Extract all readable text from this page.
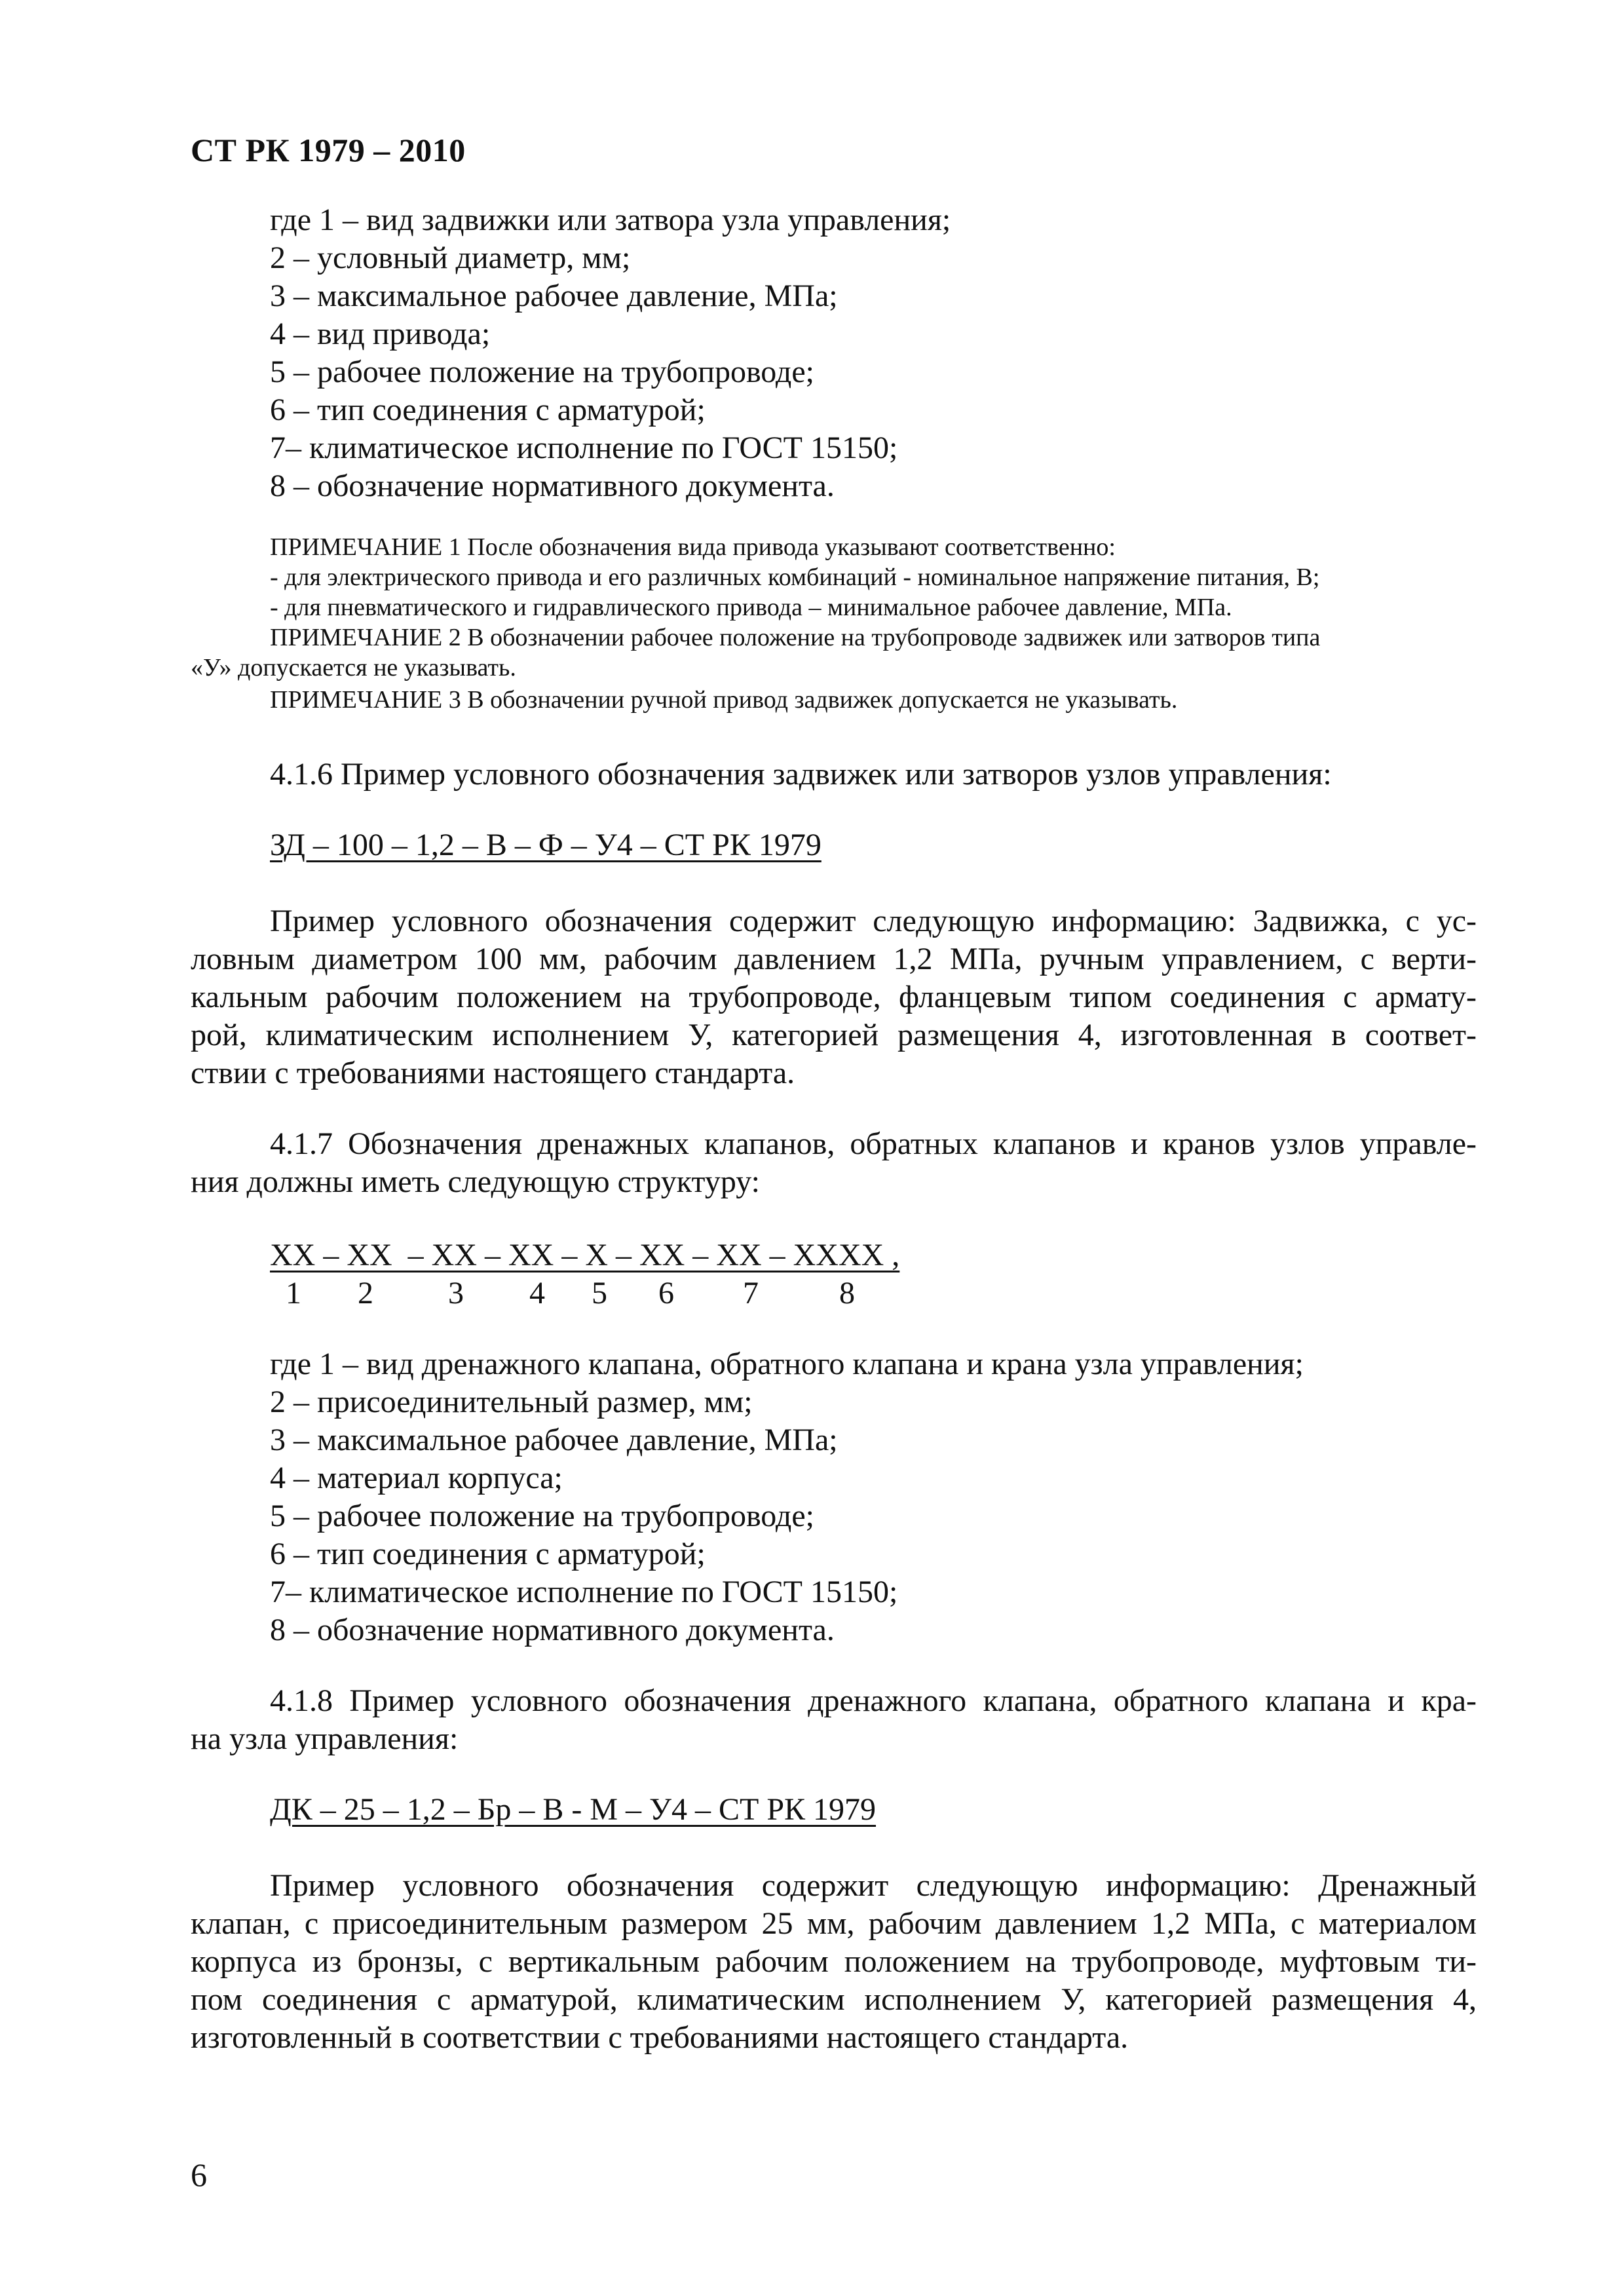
СТ РК 1979 – 2010
где 1 – вид задвижки или затвора узла управления;
2 – условный диаметр, мм;
3 – максимальное рабочее давление, МПа;
4 – вид привода;
5 – рабочее положение на трубопроводе;
6 – тип соединения с арматурой;
7– климатическое исполнение по ГОСТ 15150;
8 – обозначение нормативного документа.
ПРИМЕЧАНИЕ 1 После обозначения вида привода указывают соответственно:
- для электрического привода и его различных комбинаций - номинальное напряжение питания, В;
- для пневматического и гидравлического привода – минимальное рабочее давление, МПа.
ПРИМЕЧАНИЕ 2 В обозначении рабочее положение на трубопроводе задвижек или затворов типа
«У» допускается не указывать.
ПРИМЕЧАНИЕ 3 В обозначении ручной привод задвижек допускается не указывать.
4.1.6 Пример условного обозначения задвижек или затворов узлов управления:
ЗД – 100 – 1,2 – В – Ф – У4 – СТ РК 1979
Пример условного обозначения содержит следующую информацию: Задвижка, с ус-
ловным диаметром 100 мм, рабочим давлением 1,2 МПа, ручным управлением, с верти-
кальным рабочим положением на трубопроводе, фланцевым типом соединения с армату-
рой, климатическим исполнением У, категорией размещения 4, изготовленная в соответ-
ствии с требованиями настоящего стандарта.
4.1.7 Обозначения дренажных клапанов, обратных клапанов и кранов узлов управле-
ния должны иметь следующую структуру:
ХХ – ХХ  – ХХ – ХХ – Х – ХХ – ХХ – ХХХХ ,
1 2 3 4 5 6 7	8
где 1 – вид дренажного клапана, обратного клапана и крана узла управления;
2 – присоединительный размер, мм;
3 – максимальное рабочее давление, МПа;
4 – материал корпуса;
5 – рабочее положение на трубопроводе;
6 – тип соединения с арматурой;
7– климатическое исполнение по ГОСТ 15150;
8 – обозначение нормативного документа.
4.1.8 Пример условного обозначения дренажного клапана, обратного клапана и кра-
на узла управления:
ДК – 25 – 1,2 – Бр – В - М – У4 – СТ РК 1979
Пример условного обозначения содержит следующую информацию: Дренажный
клапан, с присоединительным размером 25 мм, рабочим давлением 1,2 МПа, с материалом
корпуса из бронзы, с вертикальным рабочим положением на трубопроводе, муфтовым ти-
пом соединения с арматурой, климатическим исполнением У, категорией размещения 4,
изготовленный в соответствии с требованиями настоящего стандарта.
6
